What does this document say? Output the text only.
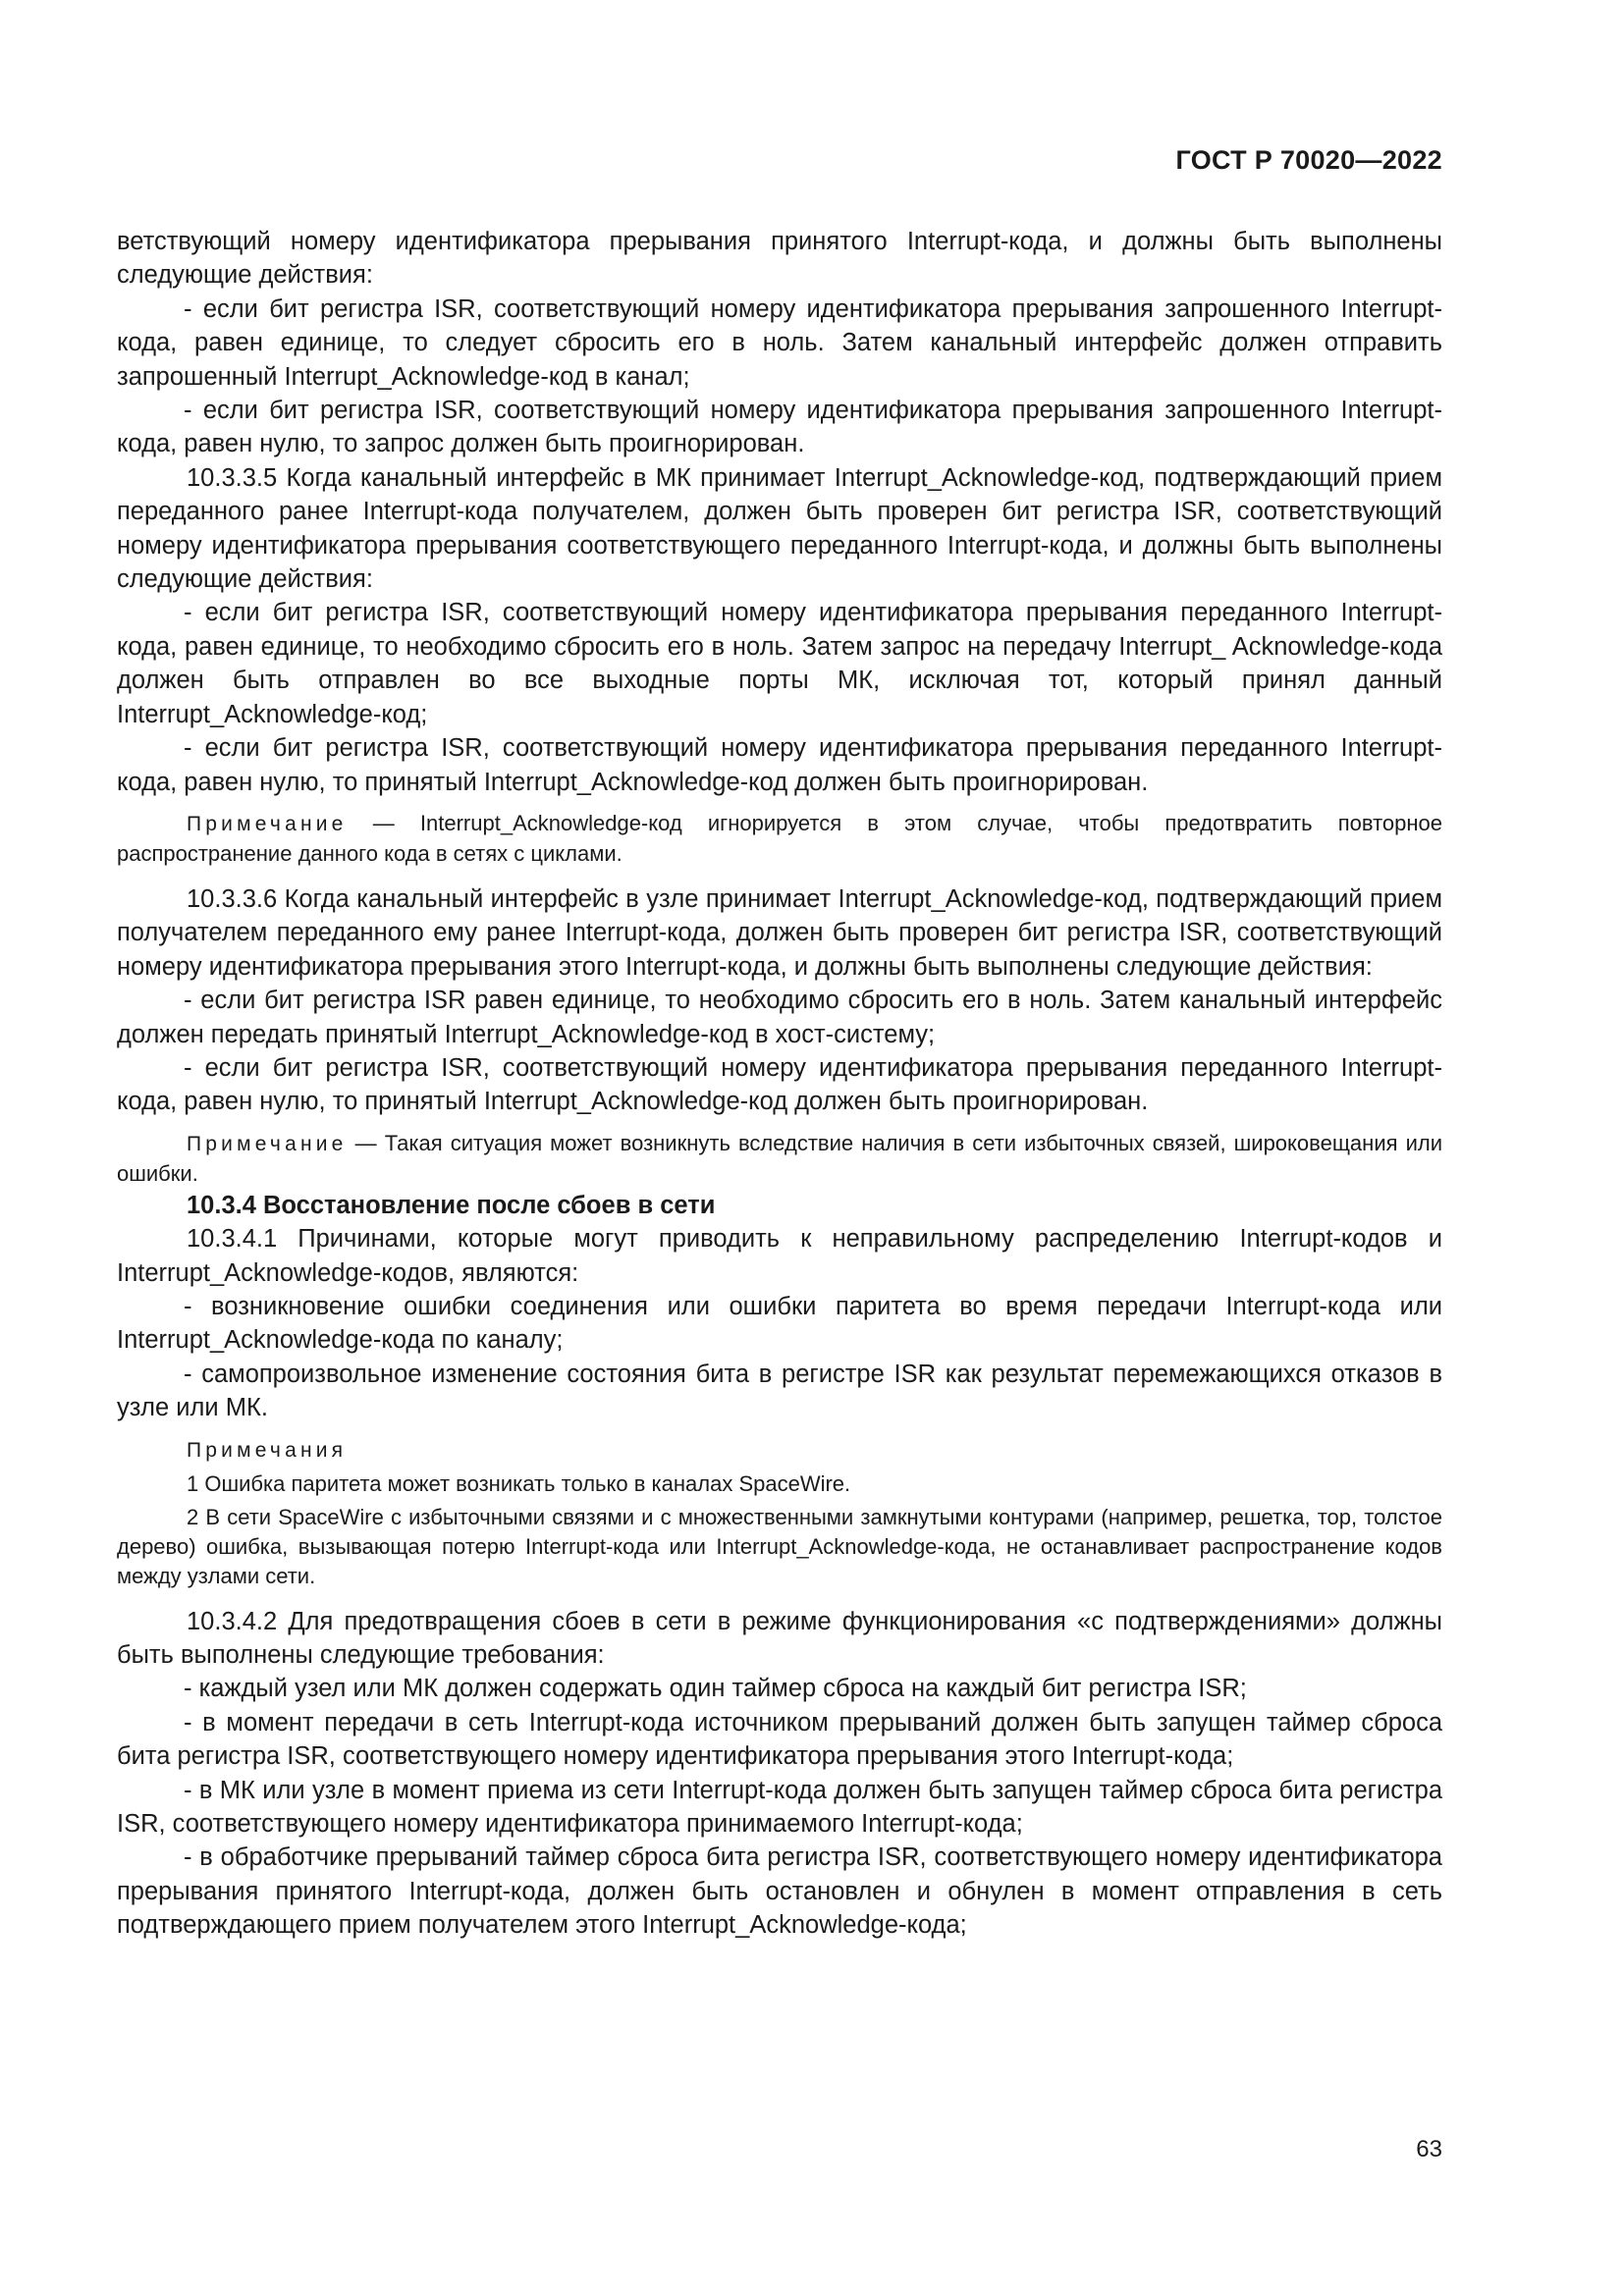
ГОСТ Р 70020—2022

ветствующий номеру идентификатора прерывания принятого Interrupt-кода, и должны быть выполнены следующие действия:

- если бит регистра ISR, соответствующий номеру идентификатора прерывания запрошенного Interrupt-кода, равен единице, то следует сбросить его в ноль. Затем канальный интерфейс должен отправить запрошенный Interrupt_Acknowledge-код в канал;

- если бит регистра ISR, соответствующий номеру идентификатора прерывания запрошенного Interrupt-кода, равен нулю, то запрос должен быть проигнорирован.

10.3.3.5 Когда канальный интерфейс в МК принимает Interrupt_Acknowledge-код, подтверждающий прием переданного ранее Interrupt-кода получателем, должен быть проверен бит регистра ISR, соответствующий номеру идентификатора прерывания соответствующего переданного Interrupt-кода, и должны быть выполнены следующие действия:

- если бит регистра ISR, соответствующий номеру идентификатора прерывания переданного Interrupt-кода, равен единице, то необходимо сбросить его в ноль. Затем запрос на передачу Interrupt_ Acknowledge-кода должен быть отправлен во все выходные порты МК, исключая тот, который принял данный Interrupt_Acknowledge-код;

- если бит регистра ISR, соответствующий номеру идентификатора прерывания переданного Interrupt-кода, равен нулю, то принятый Interrupt_Acknowledge-код должен быть проигнорирован.

Примечание — Interrupt_Acknowledge-код игнорируется в этом случае, чтобы предотвратить повторное распространение данного кода в сетях с циклами.

10.3.3.6 Когда канальный интерфейс в узле принимает Interrupt_Acknowledge-код, подтверждающий прием получателем переданного ему ранее Interrupt-кода, должен быть проверен бит регистра ISR, соответствующий номеру идентификатора прерывания этого Interrupt-кода, и должны быть выполнены следующие действия:

- если бит регистра ISR равен единице, то необходимо сбросить его в ноль. Затем канальный интерфейс должен передать принятый Interrupt_Acknowledge-код в хост-систему;

- если бит регистра ISR, соответствующий номеру идентификатора прерывания переданного Interrupt-кода, равен нулю, то принятый Interrupt_Acknowledge-код должен быть проигнорирован.

Примечание — Такая ситуация может возникнуть вследствие наличия в сети избыточных связей, широковещания или ошибки.

10.3.4 Восстановление после сбоев в сети

10.3.4.1 Причинами, которые могут приводить к неправильному распределению Interrupt-кодов и Interrupt_Acknowledge-кодов, являются:

- возникновение ошибки соединения или ошибки паритета во время передачи Interrupt-кода или Interrupt_Acknowledge-кода по каналу;

- самопроизвольное изменение состояния бита в регистре ISR как результат перемежающихся отказов в узле или МК.

Примечания

1 Ошибка паритета может возникать только в каналах SpaceWire.

2 В сети SpaceWire с избыточными связями и с множественными замкнутыми контурами (например, решетка, тор, толстое дерево) ошибка, вызывающая потерю Interrupt-кода или Interrupt_Acknowledge-кода, не останавливает распространение кодов между узлами сети.

10.3.4.2 Для предотвращения сбоев в сети в режиме функционирования «с подтверждениями» должны быть выполнены следующие требования:

- каждый узел или МК должен содержать один таймер сброса на каждый бит регистра ISR;

- в момент передачи в сеть Interrupt-кода источником прерываний должен быть запущен таймер сброса бита регистра ISR, соответствующего номеру идентификатора прерывания этого Interrupt-кода;

- в МК или узле в момент приема из сети Interrupt-кода должен быть запущен таймер сброса бита регистра ISR, соответствующего номеру идентификатора принимаемого Interrupt-кода;

- в обработчике прерываний таймер сброса бита регистра ISR, соответствующего номеру идентификатора прерывания принятого Interrupt-кода, должен быть остановлен и обнулен в момент отправления в сеть подтверждающего прием получателем этого Interrupt_Acknowledge-кода;

63
